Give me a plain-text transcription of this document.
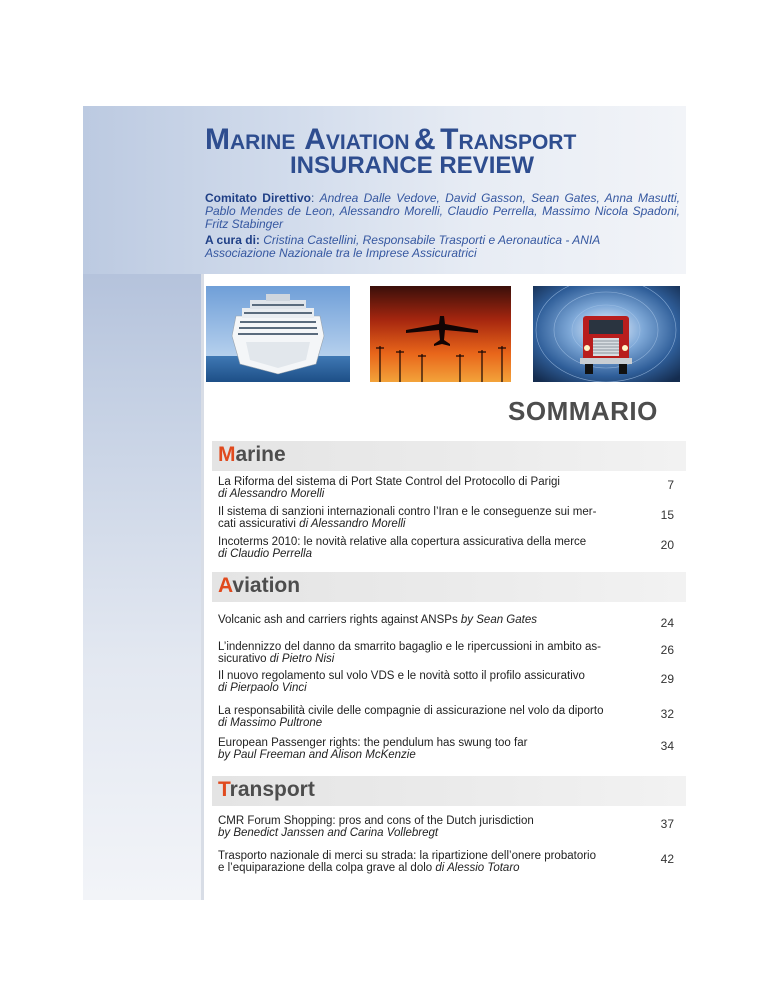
MARINE AVIATION & TRANSPORT
INSURANCE REVIEW
Comitato Direttivo: Andrea Dalle Vedove, David Gasson, Sean Gates, Anna Masutti, Pablo Mendes de Leon, Alessandro Morelli, Claudio Perrella, Massimo Nicola Spadoni, Fritz Stabinger
A cura di: Cristina Castellini, Responsabile Trasporti e Aeronautica - ANIA
Associazione Nazionale tra le Imprese Assicuratrici
SOMMARIO
Marine
La Riforma del sistema di Port State Control del Protocollo di Parigi
di Alessandro Morelli
7
Il sistema di sanzioni internazionali contro l’Iran e le conseguenze sui mer-
cati assicurativi di Alessandro Morelli
15
Incoterms 2010: le novità relative alla copertura assicurativa della merce
di Claudio Perrella
20
Aviation
Volcanic ash and carriers rights against ANSPs by Sean Gates	24
L’indennizzo del danno da smarrito bagaglio e le ripercussioni in ambito as-
sicurativo di Pietro Nisi
26
Il nuovo regolamento sul volo VDS e le novità sotto il profilo assicurativo
di Pierpaolo Vinci
29
La responsabilità civile delle compagnie di assicurazione nel volo da diporto
di Massimo Pultrone
32
European Passenger rights: the pendulum has swung too far
by Paul Freeman and Alison McKenzie
34
Transport
CMR Forum Shopping: pros and cons of the Dutch jurisdiction
by Benedict Janssen and Carina Vollebregt
37
Trasporto nazionale di merci su strada: la ripartizione dell’onere probatorio
e l’equiparazione della colpa grave al dolo di Alessio Totaro
42
